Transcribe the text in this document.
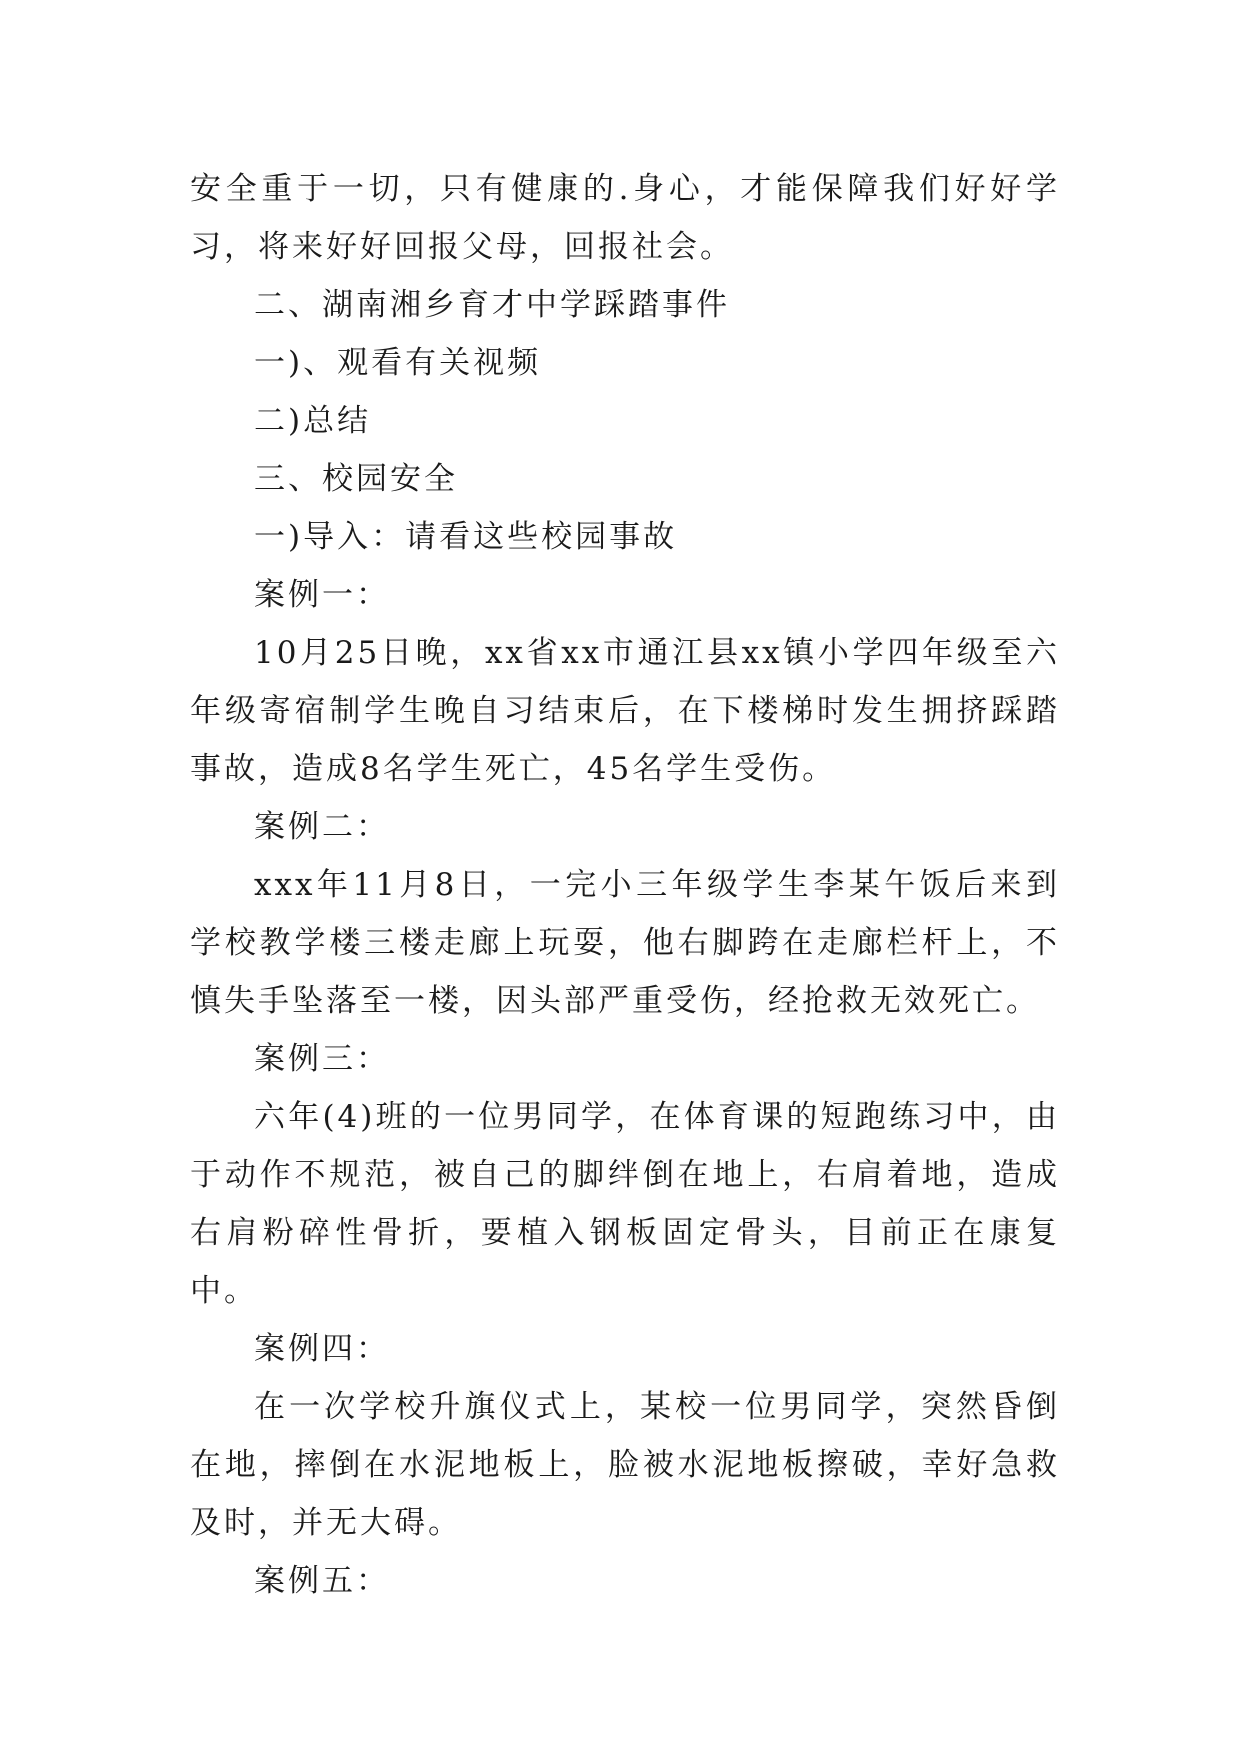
安全重于一切，只有健康的.身心，才能保障我们好好学习，将来好好回报父母，回报社会。

二、湖南湘乡育才中学踩踏事件

一)、观看有关视频

二)总结

三、校园安全

一)导入：请看这些校园事故

案例一：

10月25日晚，xx省xx市通江县xx镇小学四年级至六年级寄宿制学生晚自习结束后，在下楼梯时发生拥挤踩踏事故，造成8名学生死亡，45名学生受伤。

案例二：

xxx年11月8日，一完小三年级学生李某午饭后来到学校教学楼三楼走廊上玩耍，他右脚跨在走廊栏杆上，不慎失手坠落至一楼，因头部严重受伤，经抢救无效死亡。

案例三：

六年(4)班的一位男同学，在体育课的短跑练习中，由于动作不规范，被自己的脚绊倒在地上，右肩着地，造成右肩粉碎性骨折，要植入钢板固定骨头，目前正在康复中。

案例四：

在一次学校升旗仪式上，某校一位男同学，突然昏倒在地，摔倒在水泥地板上，脸被水泥地板擦破，幸好急救及时，并无大碍。

案例五：
